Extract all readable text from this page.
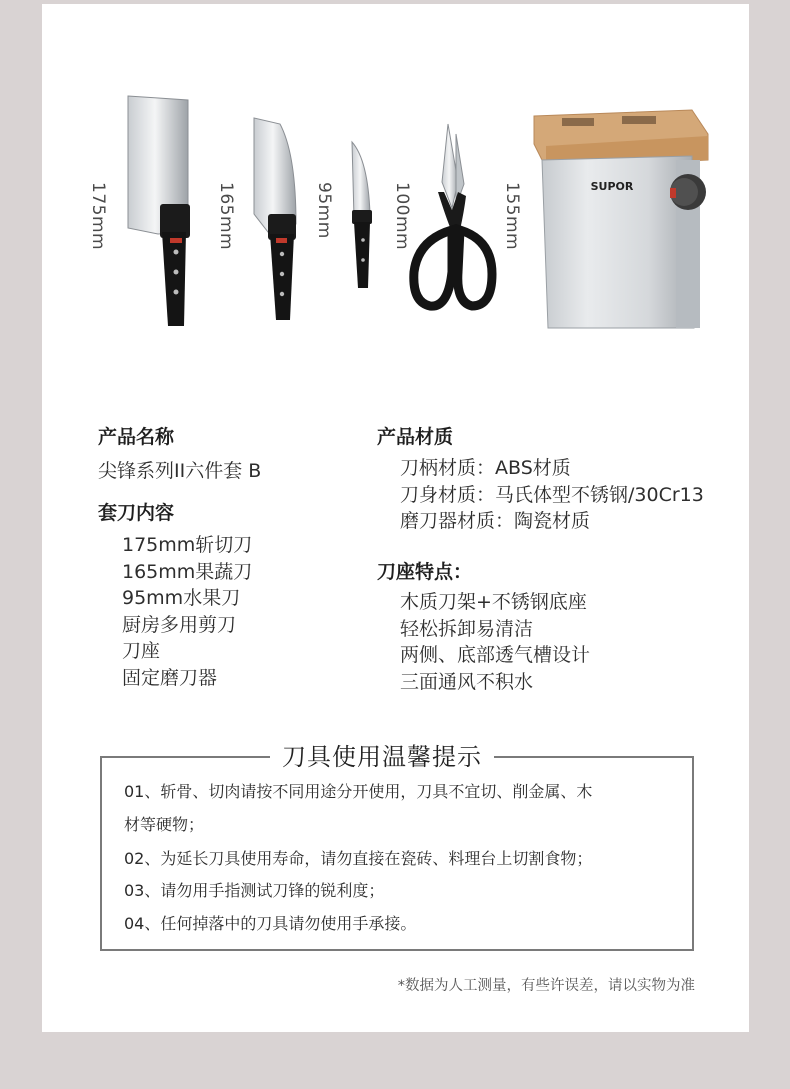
175mm	165mm	95mm	100mm	155mm	SUPOR
产品名称
尖锋系列II六件套 B
套刀内容
175mm斩切刀
165mm果蔬刀
95mm水果刀
厨房多用剪刀
刀座
固定磨刀器
产品材质
刀柄材质：ABS材质
刀身材质：马氏体型不锈钢/30Cr13
磨刀器材质：陶瓷材质
刀座特点：
木质刀架+不锈钢底座
轻松拆卸易清洁
两侧、底部透气槽设计
三面通风不积水
刀具使用温馨提示
01、斩骨、切肉请按不同用途分开使用，刀具不宜切、削金属、木
材等硬物；
02、为延长刀具使用寿命，请勿直接在瓷砖、料理台上切割食物；
03、请勿用手指测试刀锋的锐利度；
04、任何掉落中的刀具请勿使用手承接。
*数据为人工测量，有些许误差，请以实物为准
